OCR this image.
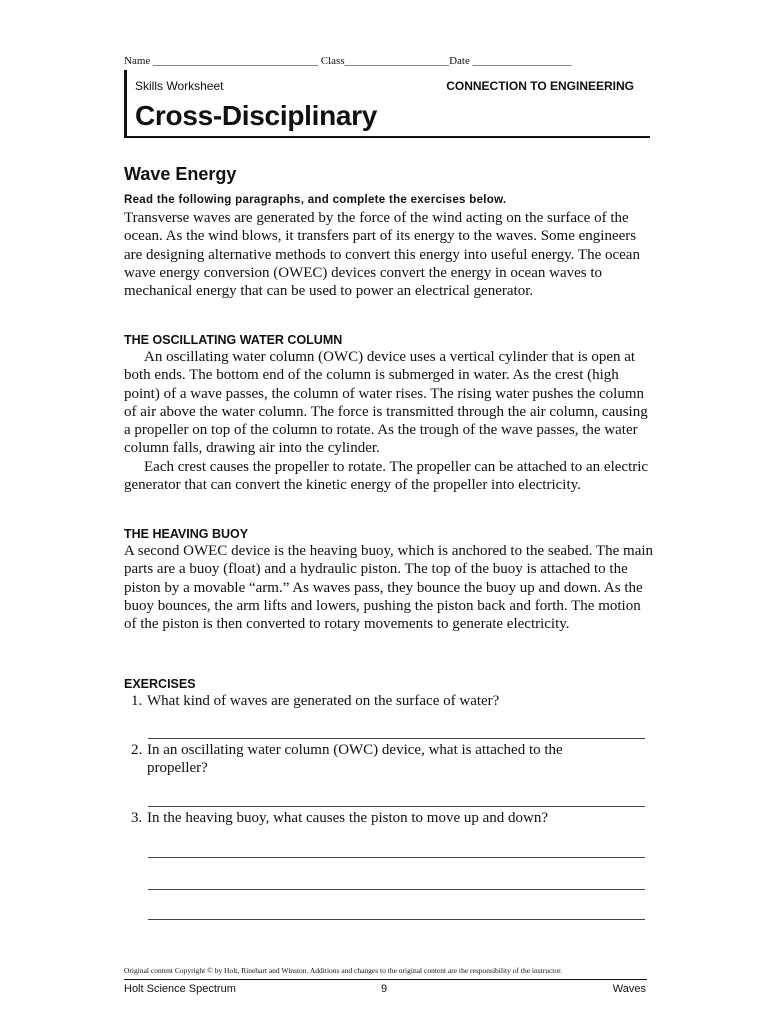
Name ______________________________ Class___________________Date __________________
Skills Worksheet	CONNECTION TO ENGINEERING
Cross-Disciplinary
Wave Energy
Read the following paragraphs, and complete the exercises below.
Transverse waves are generated by the force of the wind acting on the surface of the ocean. As the wind blows, it transfers part of its energy to the waves. Some engineers are designing alternative methods to convert this energy into useful energy. The ocean wave energy conversion (OWEC) devices convert the energy in ocean waves to mechanical energy that can be used to power an electrical generator.
THE OSCILLATING WATER COLUMN
An oscillating water column (OWC) device uses a vertical cylinder that is open at both ends. The bottom end of the column is submerged in water. As the crest (high point) of a wave passes, the column of water rises. The rising water pushes the column of air above the water column. The force is transmitted through the air column, causing a propeller on top of the column to rotate. As the trough of the wave passes, the water column falls, drawing air into the cylinder.
Each crest causes the propeller to rotate. The propeller can be attached to an electric generator that can convert the kinetic energy of the propeller into electricity.
THE HEAVING BUOY
A second OWEC device is the heaving buoy, which is anchored to the seabed. The main parts are a buoy (float) and a hydraulic piston. The top of the buoy is attached to the piston by a movable “arm.” As waves pass, they bounce the buoy up and down. As the buoy bounces, the arm lifts and lowers, pushing the piston back and forth. The motion of the piston is then converted to rotary movements to generate electricity.
EXERCISES
1. What kind of waves are generated on the surface of water?
2. In an oscillating water column (OWC) device, what is attached to the
propeller?
3. In the heaving buoy, what causes the piston to move up and down?
Original content Copyright © by Holt, Rinehart and Winston. Additions and changes to the original content are the responsibility of the instructor.
Holt Science Spectrum	9	Waves
